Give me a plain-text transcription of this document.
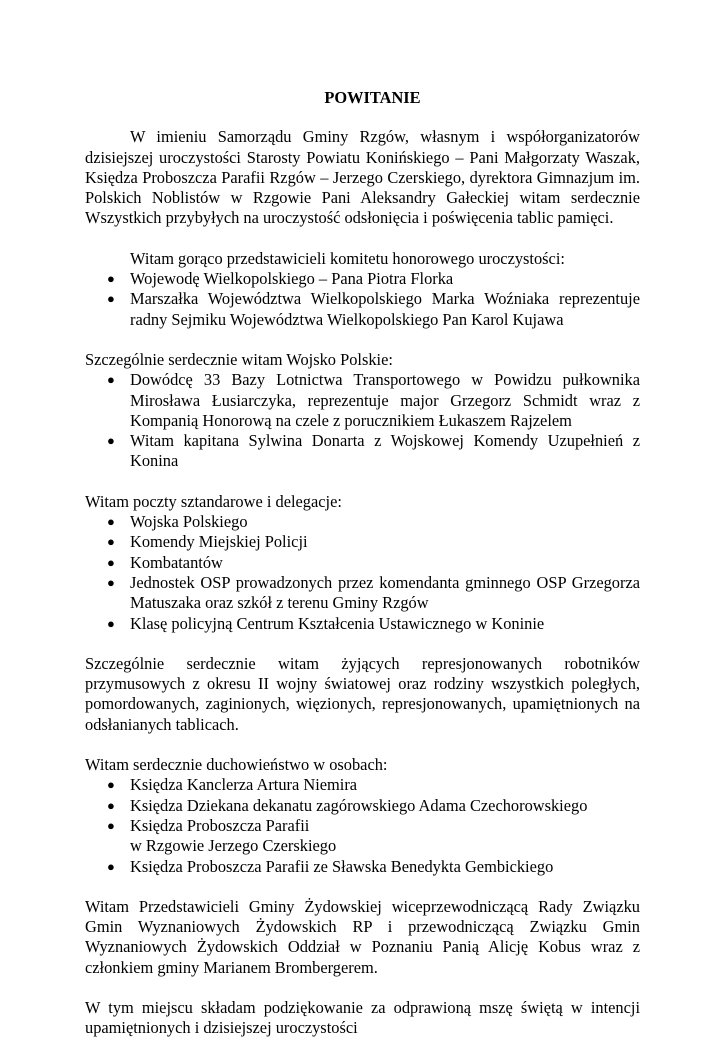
POWITANIE

W imieniu Samorządu Gminy Rzgów, własnym i współorganizatorów dzisiejszej uroczystości Starosty Powiatu Konińskiego – Pani Małgorzaty Waszak, Księdza Proboszcza Parafii Rzgów – Jerzego Czerskiego, dyrektora Gimnazjum im. Polskich Noblistów w Rzgowie Pani Aleksandry Gałeckiej witam serdecznie Wszystkich przybyłych na uroczystość odsłonięcia i poświęcenia tablic pamięci.

Witam gorąco przedstawicieli komitetu honorowego uroczystości:

● Wojewodę Wielkopolskiego – Pana Piotra Florka
● Marszałka Województwa Wielkopolskiego Marka Woźniaka reprezentuje radny Sejmiku Województwa Wielkopolskiego Pan Karol Kujawa

Szczególnie serdecznie witam Wojsko Polskie:

● Dowódcę 33 Bazy Lotnictwa Transportowego w Powidzu pułkownika Mirosława Łusiarczyka, reprezentuje major Grzegorz Schmidt wraz z Kompanią Honorową na czele z porucznikiem Łukaszem Rajzelem
● Witam kapitana Sylwina Donarta z Wojskowej Komendy Uzupełnień z Konina

Witam poczty sztandarowe i delegacje:

● Wojska Polskiego
● Komendy Miejskiej Policji
● Kombatantów
● Jednostek OSP prowadzonych przez komendanta gminnego OSP Grzegorza Matuszaka oraz szkół z terenu Gminy Rzgów
● Klasę policyjną Centrum Kształcenia Ustawicznego w Koninie

Szczególnie serdecznie witam żyjących represjonowanych robotników przymusowych z okresu II wojny światowej oraz rodziny wszystkich poległych, pomordowanych, zaginionych, więzionych, represjonowanych, upamiętnionych na odsłanianych tablicach.

Witam serdecznie duchowieństwo w osobach:

● Księdza Kanclerza Artura Niemira
● Księdza Dziekana dekanatu zagórowskiego Adama Czechorowskiego
● Księdza Proboszcza Parafii
w Rzgowie Jerzego Czerskiego
● Księdza Proboszcza Parafii ze Sławska Benedykta Gembickiego

Witam Przedstawicieli Gminy Żydowskiej wiceprzewodniczącą Rady Związku Gmin Wyznaniowych Żydowskich RP i przewodniczącą Związku Gmin Wyznaniowych Żydowskich Oddział w Poznaniu Panią Alicję Kobus wraz z członkiem gminy Marianem Brombergerem.

W tym miejscu składam podziękowanie za odprawioną mszę świętą w intencji upamiętnionych i dzisiejszej uroczystości
